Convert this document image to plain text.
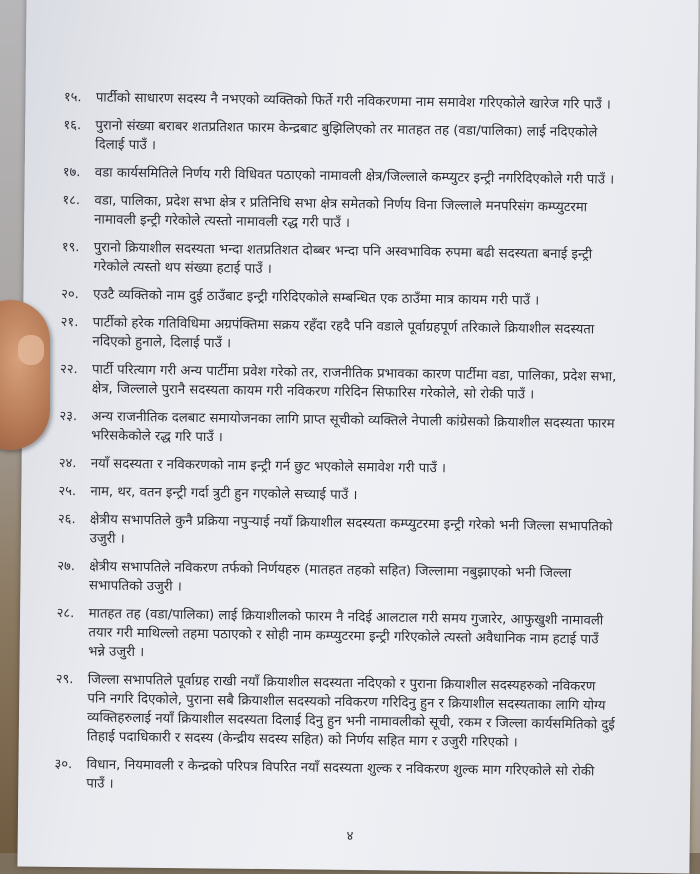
१५.	पार्टीको साधारण सदस्य नै नभएको व्यक्तिको फिर्ते गरी नविकरणमा नाम समावेश गरिएकोले खारेज गरि पाउँ ।
१६.	पुरानो संख्या बराबर शतप्रतिशत फारम केन्द्रबाट बुझिलिएको तर मातहत तह (वडा/पालिका) लाई नदिएकोले दिलाई पाउँ ।
१७.	वडा कार्यसमितिले निर्णय गरी विधिवत पठाएको नामावली क्षेत्र/जिल्लाले कम्प्युटर इन्ट्री नगरिदिएकोले गरी पाउँ ।
१८.	वडा, पालिका, प्रदेश सभा क्षेत्र र प्रतिनिधि सभा क्षेत्र समेतको निर्णय विना जिल्लाले मनपरिसंग कम्प्युटरमा नामावली इन्ट्री गरेकोले त्यस्तो नामावली रद्ध गरी पाउँ ।
१९.	पुरानो क्रियाशील सदस्यता भन्दा शतप्रतिशत दोब्बर भन्दा पनि अस्वभाविक रुपमा बढी सदस्यता बनाई इन्ट्री गरेकोले त्यस्तो थप संख्या हटाई पाउँ ।
२०.	एउटै व्यक्तिको नाम दुई ठाउँबाट इन्ट्री गरिदिएकोले सम्बन्धित एक ठाउँमा मात्र कायम गरी पाउँ ।
२१.	पार्टीको हरेक गतिविधिमा अग्रपंक्तिमा सक्रय रहँदा रहदै पनि वडाले पूर्वाग्रहपूर्ण तरिकाले क्रियाशील सदस्यता नदिएको हुनाले, दिलाई पाउँ ।
२२.	पार्टी परित्याग गरी अन्य पार्टीमा प्रवेश गरेको तर, राजनीतिक प्रभावका कारण पार्टीमा वडा, पालिका, प्रदेश सभा, क्षेत्र, जिल्लाले पुरानै सदस्यता कायम गरी नविकरण गरिदिन सिफारिस गरेकोले, सो रोकी पाउँ ।
२३.	अन्य राजनीतिक दलबाट समायोजनका लागि प्राप्त सूचीको व्यक्तिले नेपाली कांग्रेसको क्रियाशील सदस्यता फारम भरिसकेकोले रद्ध गरि पाउँ ।
२४.	नयाँ सदस्यता र नविकरणको नाम इन्ट्री गर्न छुट भएकोले समावेश गरी पाउँ ।
२५.	नाम, थर, वतन इन्ट्री गर्दा त्रुटी हुन गएकोले सच्याई पाउँ ।
२६.	क्षेत्रीय सभापतिले कुनै प्रक्रिया नपुऱ्याई नयाँ क्रियाशील सदस्यता कम्प्युटरमा इन्ट्री गरेको भनी जिल्ला सभापतिको उजुरी ।
२७.	क्षेत्रीय सभापतिले नविकरण तर्फको निर्णयहरु (मातहत तहको सहित) जिल्लामा नबुझाएको भनी जिल्ला सभापतिको उजुरी ।
२८.	मातहत तह (वडा/पालिका) लाई क्रियाशीलको फारम नै नदिई आलटाल गरी समय गुजारेर, आफुखुशी नामावली तयार गरी माथिल्लो तहमा पठाएको र सोही नाम कम्प्युटरमा इन्ट्री गरिएकोले त्यस्तो अवैधानिक नाम हटाई पाउँ भन्ने उजुरी ।
२९.	जिल्ला सभापतिले पूर्वाग्रह राखी नयाँ क्रियाशील सदस्यता नदिएको र पुराना क्रियाशील सदस्यहरुको नविकरण पनि नगरि दिएकोले, पुराना सबै क्रियाशील सदस्यको नविकरण गरिदिनु हुन र क्रियाशील सदस्यताका लागि योग्य व्यक्तिहरुलाई नयाँ क्रियाशील सदस्यता दिलाई दिनु हुन भनी नामावलीको सूची, रकम र जिल्ला कार्यसमितिको दुई तिहाई पदाधिकारी र सदस्य (केन्द्रीय सदस्य सहित) को निर्णय सहित माग र उजुरी गरिएको ।
३०.	विधान, नियमावली र केन्द्रको परिपत्र विपरित नयाँ सदस्यता शुल्क र नविकरण शुल्क माग गरिएकोले सो रोकी पाउँ ।
४
